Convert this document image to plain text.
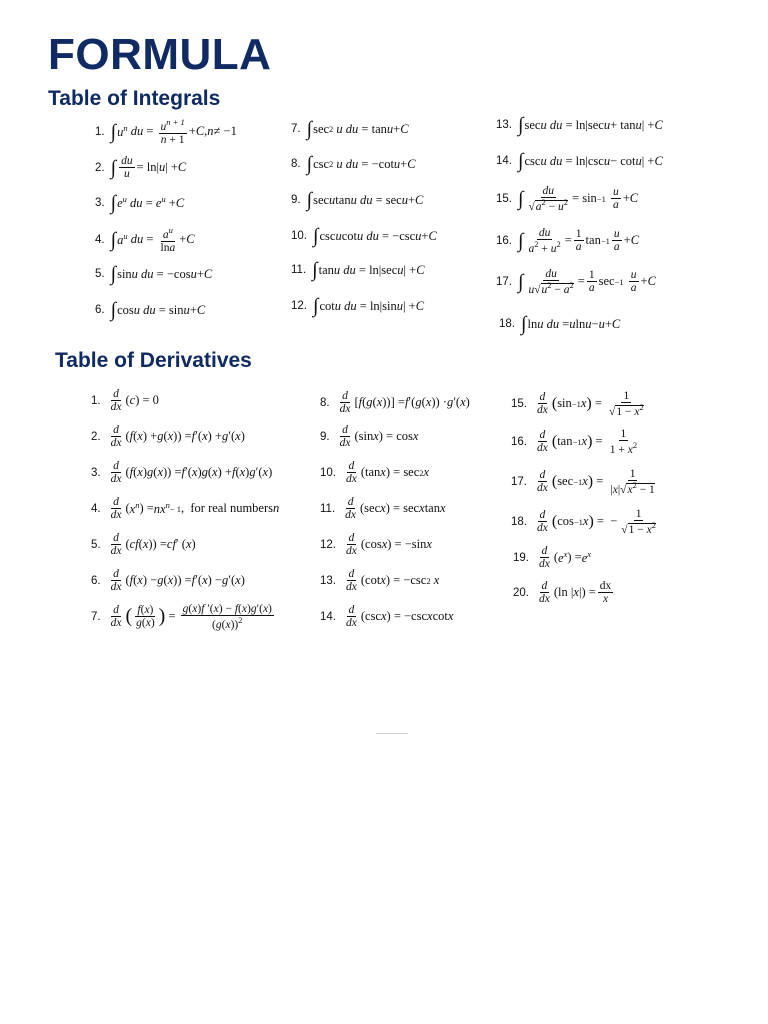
FORMULA
Table of Integrals
Table of Derivatives
1. ∫ $u^n$
du = $\frac{u^{n + 1}}{n + 1} + C$ , n ≠ −1
2. ∫ $\frac{du}{u} = \ln|$ u | + C
3. ∫ $e^u$
du = $e^u + C$
4. ∫ $a^u$
du = $\frac{a^u}{\ln a} + C$
5. ∫ sin u du = −cos u + C
6. ∫ cos u du = sin u + C
7. ∫ sec 2
u du = tan u + C
8. ∫ csc 2
u du = −cot u + C
9. ∫ sec u tan u du = sec u + C
10. ∫ csc u cot u du = −csc u + C
11. ∫ tan u du = ln|sec u | + C
12. ∫ cot u du = ln|sin u | + C
13. ∫ sec u du = ln|sec u + tan u | + C
14. ∫ csc u du = ln|csc u − cot u | + C
15. ∫ $\frac{du}{√a^2 - u^2} = \sin -1$
$\frac{u}{a} + C$
16. ∫ $\frac{du}{a^2 + u^2} = \frac{1}{a}$ $\tan -1 \frac{u}{a} + C$
17. ∫ $\frac{du}{u√u^2 - a^2} = \frac{1}{a}$ sec −1
$\frac{u}{a} + C$
18. ∫ ln u du = u ln u − u + C
1. $\frac{d}{dx}$ ( c ) = 0
2. $\frac{d}{dx}$ ( f ( x ) + g ( x )) = f ′( x ) + g ′( x )
3. $\frac{d}{dx}$ ( f ( x ) g ( x )) = f ′( x ) g ( x ) + f ( x ) g ′( x )
4. $\frac{d}{dx}$ ( $x^n$ ) = $nx^n - 1$ ,  for real numbers n
5. $\frac{d}{dx}$ ( cf ( x )) = cf ′ ( x )
6. $\frac{d}{dx}$ ( f ( x ) − g ( x )) = f ′( x ) − g ′( x )
7. $\frac{d}{dx}$ ( $\frac{f(x)}{g(x)}$ ) = $\frac{g(x)f '(x) - f(x)g'(x)}{(g(x))^2}$
8. $\frac{d}{dx}$ [ f ( g ( x ))] = f ′( g ( x )) · g ′( x )
9. $\frac{d}{dx} (\sin$ x ) = cos x
10. $\frac{d}{dx} (\tan$ x ) = sec 2 x
11. $\frac{d}{dx} (\sec$ x ) = sec x tan x
12. $\frac{d}{dx} (\cos$ x ) = −sin x
13. $\frac{d}{dx} (\cot$ x ) = −csc 2
x
14. $\frac{d}{dx} (\csc$ x ) = −csc x cot x
15. $\frac{d}{dx}$ ( sin −1 x ) = $\frac{1}{√1 - x^2}$
16. $\frac{d}{dx}$ ( tan −1 x ) = $\frac{1}{1 + x^2}$
17. $\frac{d}{dx}$ ( sec −1 x ) = $\frac{1}{|x|√x^2 - 1}$
18. $\frac{d}{dx}$ ( cos −1 x ) =  − $\frac{1}{√1 - x^2}$
19. $\frac{d}{dx}$ ( $e^x$ ) = $e^x$
20. $\frac{d}{dx} (\ln$ | x |) = $\frac{dx}{x}$
